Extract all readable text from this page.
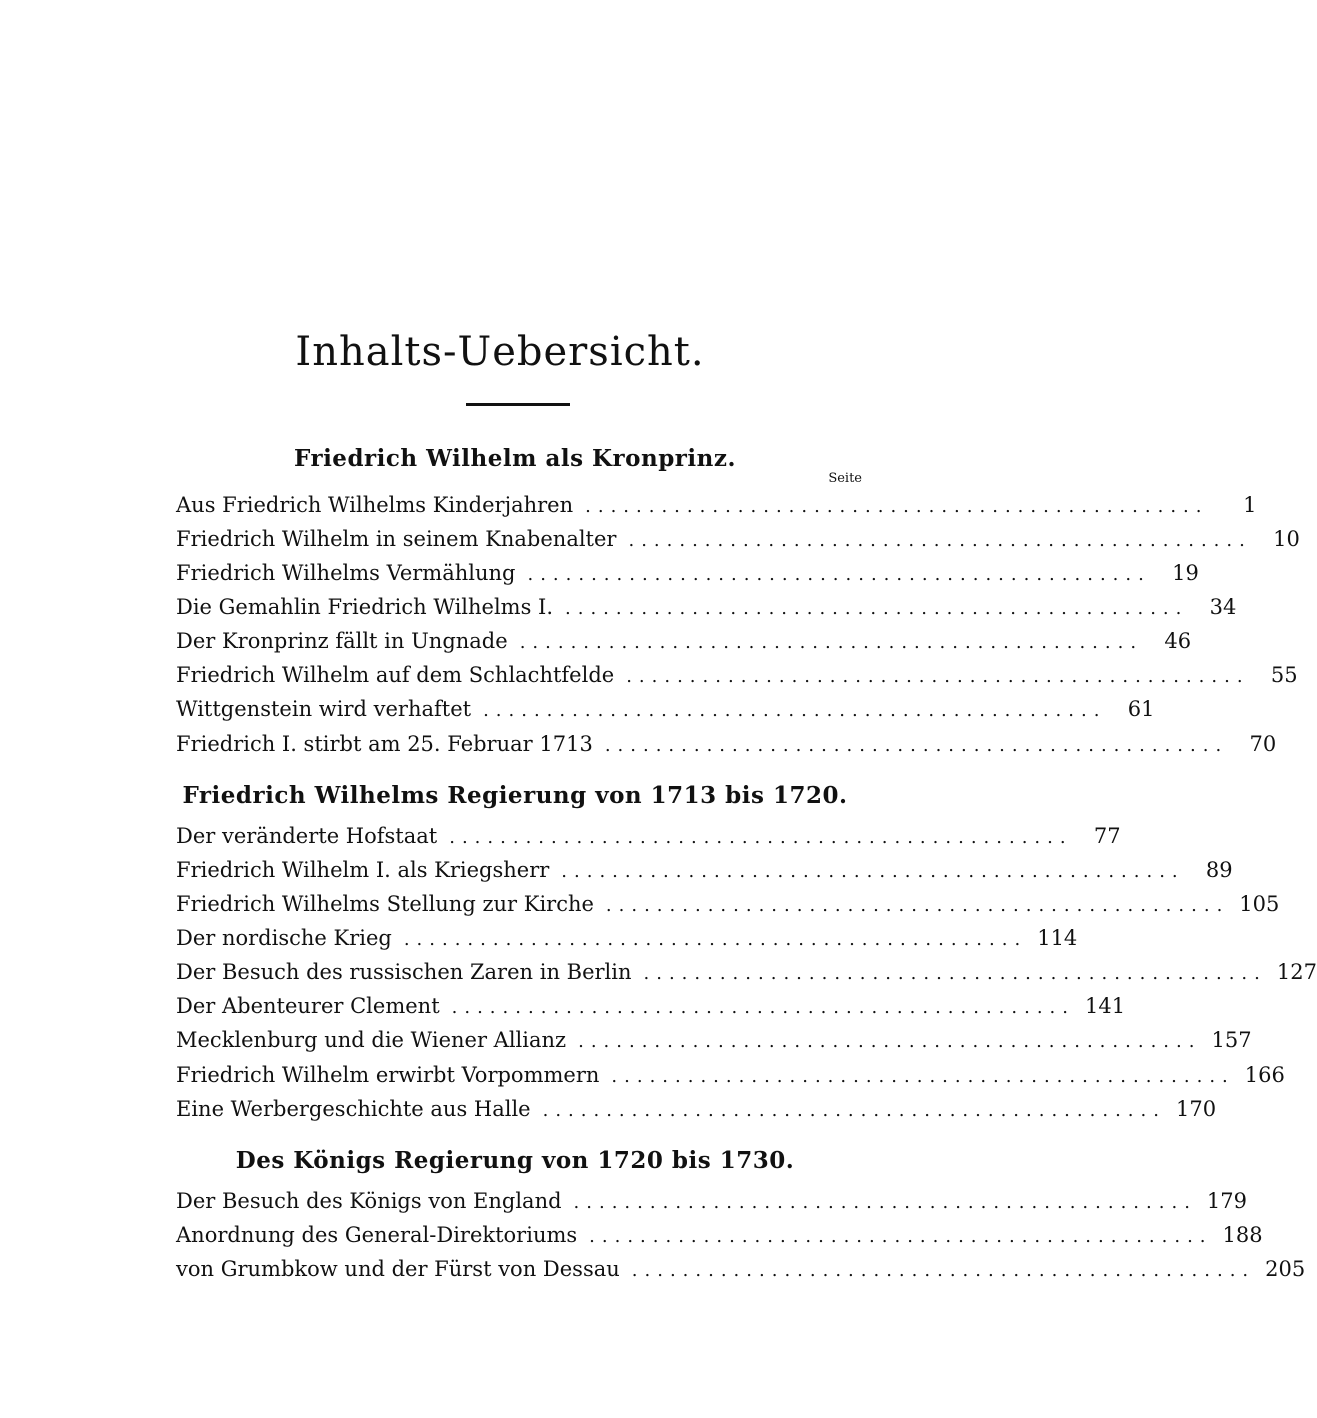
Inhalts-Uebersicht.
Friedrich Wilhelm als Kronprinz.
Seite
Aus Friedrich Wilhelms Kinderjahren .................................................	1
Friedrich Wilhelm in seinem Knabenalter .................................................	10
Friedrich Wilhelms Vermählung .................................................	19
Die Gemahlin Friedrich Wilhelms I. .................................................	34
Der Kronprinz fällt in Ungnade .................................................	46
Friedrich Wilhelm auf dem Schlachtfelde .................................................	55
Wittgenstein wird verhaftet .................................................	61
Friedrich I. stirbt am 25. Februar 1713 .................................................	70
Friedrich Wilhelms Regierung von 1713 bis 1720.
Der veränderte Hofstaat .................................................	77
Friedrich Wilhelm I. als Kriegsherr .................................................	89
Friedrich Wilhelms Stellung zur Kirche ................................................. 105
Der nordische Krieg ................................................. 114
Der Besuch des russischen Zaren in Berlin ................................................. 127
Der Abenteurer Clement ................................................. 141
Mecklenburg und die Wiener Allianz ................................................. 157
Friedrich Wilhelm erwirbt Vorpommern ................................................. 166
Eine Werbergeschichte aus Halle ................................................. 170
Des Königs Regierung von 1720 bis 1730.
Der Besuch des Königs von England ................................................. 179
Anordnung des General-Direktoriums ................................................. 188
von Grumbkow und der Fürst von Dessau ................................................. 205
